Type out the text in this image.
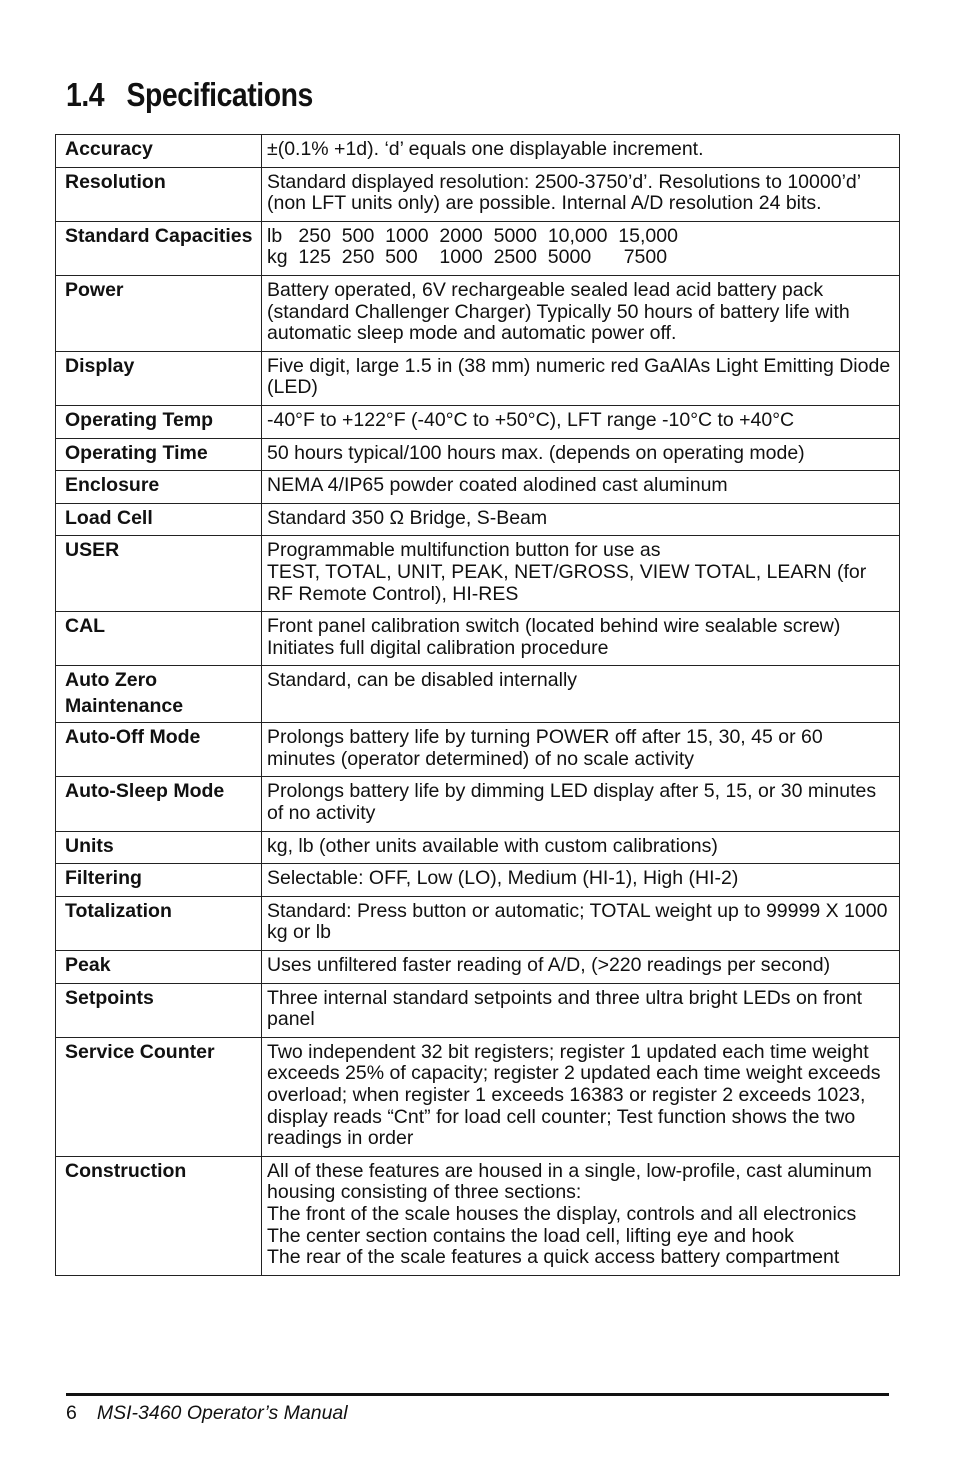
1.4 Specifications
Accuracy	±(0.1% +1d). ‘d’ equals one displayable increment.

Resolution	Standard displayed resolution: 2500-3750’d’. Resolutions to 10000’d’ (non LFT units only) are possible. Internal A/D resolution 24 bits.

Standard Capacities	lb   250  500  1000  2000  5000  10,000  15,000
kg  125  250  500    1000  2500  5000      7500

Power	Battery operated, 6V rechargeable sealed lead acid battery pack (standard Challenger Charger) Typically 50 hours of battery life with automatic sleep mode and automatic power off.

Display	Five digit, large 1.5 in (38 mm) numeric red GaAlAs Light Emitting Diode (LED)

Operating Temp	-40°F to +122°F (-40°C to +50°C), LFT range -10°C to +40°C

Operating Time	50 hours typical/100 hours max. (depends on operating mode)

Enclosure	NEMA 4/IP65 powder coated alodined cast aluminum

Load Cell	Standard 350 Ω Bridge, S-Beam

USER	Programmable multifunction button for use as
TEST, TOTAL, UNIT, PEAK, NET/GROSS, VIEW TOTAL, LEARN (for RF Remote Control), HI-RES

CAL	Front panel calibration switch (located behind wire sealable screw) Initiates full digital calibration procedure

Auto Zero Maintenance	Standard, can be disabled internally

Auto-Off Mode	Prolongs battery life by turning POWER off after 15, 30, 45 or 60 minutes (operator determined) of no scale activity

Auto-Sleep Mode	Prolongs battery life by dimming LED display after 5, 15, or 30 minutes of no activity

Units	kg, lb (other units available with custom calibrations)

Filtering	Selectable: OFF, Low (LO), Medium (HI-1), High (HI-2)

Totalization	Standard: Press button or automatic; TOTAL weight up to 99999 X 1000 kg or lb

Peak	Uses unfiltered faster reading of A/D, (>220 readings per second)

Setpoints	Three internal standard setpoints and three ultra bright LEDs on front panel

Service Counter	Two independent 32 bit registers; register 1 updated each time weight exceeds 25% of capacity; register 2 updated each time weight exceeds overload; when register 1 exceeds 16383 or register 2 exceeds 1023, display reads “Cnt” for load cell counter; Test function shows the two readings in order

Construction	All of these features are housed in a single, low-profile, cast aluminum housing consisting of three sections:
The front of the scale houses the display, controls and all electronics
The center section contains the load cell, lifting eye and hook
The rear of the scale features a quick access battery compartment
6 MSI-3460 Operator’s Manual
